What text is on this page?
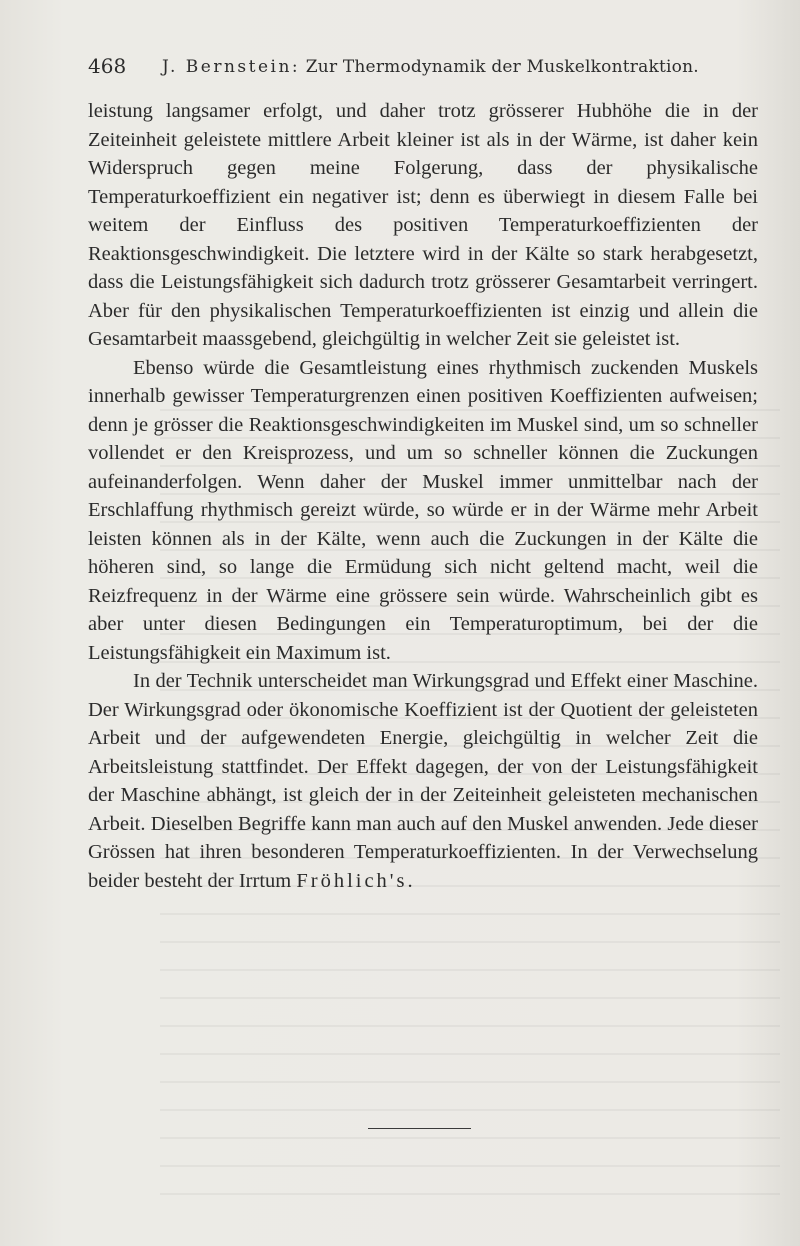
468 J. Bernstein: Zur Thermodynamik der Muskelkontraktion.

leistung langsamer erfolgt, und daher trotz grösserer Hubhöhe die in der Zeiteinheit geleistete mittlere Arbeit kleiner ist als in der Wärme, ist daher kein Widerspruch gegen meine Folgerung, dass der physikalische Temperaturkoeffizient ein negativer ist; denn es überwiegt in diesem Falle bei weitem der Einfluss des positiven Temperaturkoeffizienten der Reaktionsgeschwindigkeit. Die letztere wird in der Kälte so stark herabgesetzt, dass die Leistungsfähigkeit sich dadurch trotz grösserer Gesamtarbeit verringert. Aber für den physikalischen Temperaturkoeffizienten ist einzig und allein die Gesamtarbeit maassgebend, gleichgültig in welcher Zeit sie geleistet ist.

Ebenso würde die Gesamtleistung eines rhythmisch zuckenden Muskels innerhalb gewisser Temperaturgrenzen einen positiven Koeffizienten aufweisen; denn je grösser die Reaktionsgeschwindigkeiten im Muskel sind, um so schneller vollendet er den Kreisprozess, und um so schneller können die Zuckungen aufeinanderfolgen. Wenn daher der Muskel immer unmittelbar nach der Erschlaffung rhythmisch gereizt würde, so würde er in der Wärme mehr Arbeit leisten können als in der Kälte, wenn auch die Zuckungen in der Kälte die höheren sind, so lange die Ermüdung sich nicht geltend macht, weil die Reizfrequenz in der Wärme eine grössere sein würde. Wahrscheinlich gibt es aber unter diesen Bedingungen ein Temperaturoptimum, bei der die Leistungsfähigkeit ein Maximum ist.

In der Technik unterscheidet man Wirkungsgrad und Effekt einer Maschine. Der Wirkungsgrad oder ökonomische Koeffizient ist der Quotient der geleisteten Arbeit und der aufgewendeten Energie, gleichgültig in welcher Zeit die Arbeitsleistung stattfindet. Der Effekt dagegen, der von der Leistungsfähigkeit der Maschine abhängt, ist gleich der in der Zeiteinheit geleisteten mechanischen Arbeit. Dieselben Begriffe kann man auch auf den Muskel anwenden. Jede dieser Grössen hat ihren besonderen Temperaturkoeffizienten. In der Verwechselung beider besteht der Irrtum Fröhlich's.
